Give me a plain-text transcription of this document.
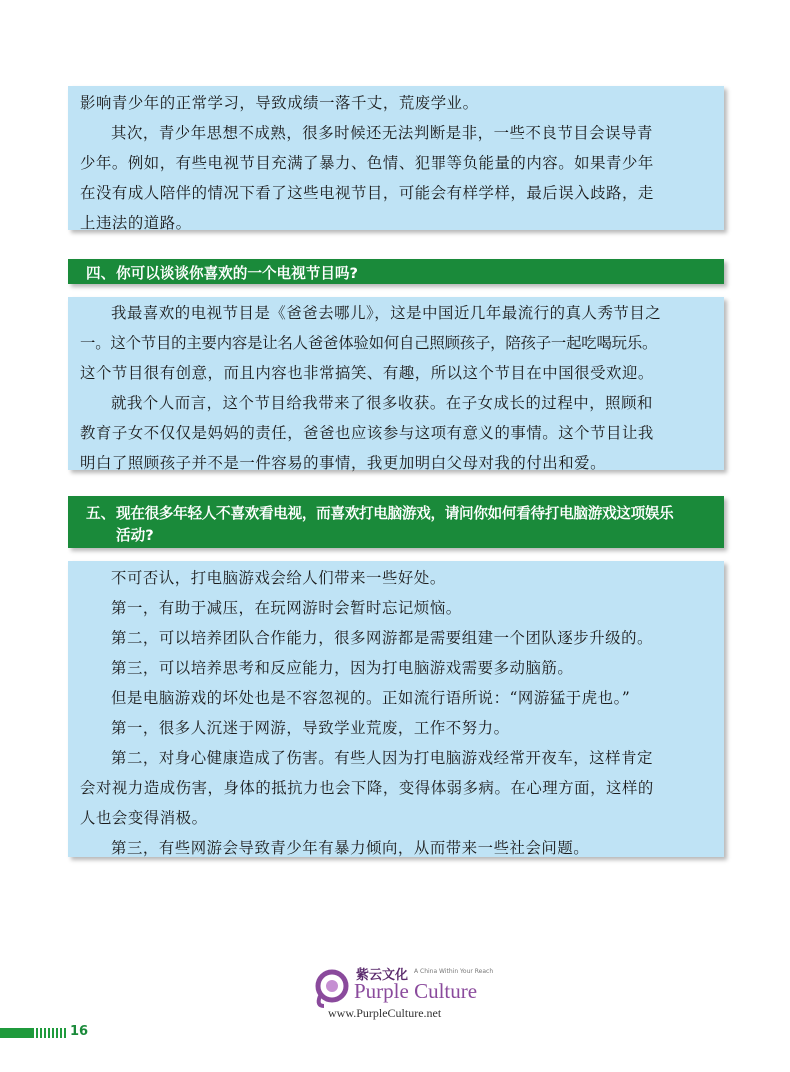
影响青少年的正常学习，导致成绩一落千丈，荒废学业。

其次，青少年思想不成熟，很多时候还无法判断是非，一些不良节目会误导青

少年。例如，有些电视节目充满了暴力、色情、犯罪等负能量的内容。如果青少年

在没有成人陪伴的情况下看了这些电视节目，可能会有样学样，最后误入歧路，走

上违法的道路。

四、 你可以谈谈你喜欢的一个电视节目吗?

我最喜欢的电视节目是《爸爸去哪儿》，这是中国近几年最流行的真人秀节目之

一。这个节目的主要内容是让名人爸爸体验如何自己照顾孩子，陪孩子一起吃喝玩乐。

这个节目很有创意，而且内容也非常搞笑、有趣，所以这个节目在中国很受欢迎。

就我个人而言，这个节目给我带来了很多收获。在子女成长的过程中，照顾和

教育子女不仅仅是妈妈的责任，爸爸也应该参与这项有意义的事情。这个节目让我

明白了照顾孩子并不是一件容易的事情，我更加明白父母对我的付出和爱。

五、 现在很多年轻人不喜欢看电视，而喜欢打电脑游戏，请问你如何看待打电脑游戏这项娱乐
活动?

不可否认，打电脑游戏会给人们带来一些好处。

第一，有助于减压，在玩网游时会暂时忘记烦恼。

第二，可以培养团队合作能力，很多网游都是需要组建一个团队逐步升级的。

第三，可以培养思考和反应能力，因为打电脑游戏需要多动脑筋。

但是电脑游戏的坏处也是不容忽视的。正如流行语所说：“网游猛于虎也。”

第一，很多人沉迷于网游，导致学业荒废，工作不努力。

第二，对身心健康造成了伤害。有些人因为打电脑游戏经常开夜车，这样肯定

会对视力造成伤害，身体的抵抗力也会下降，变得体弱多病。在心理方面，这样的

人也会变得消极。

第三，有些网游会导致青少年有暴力倾向，从而带来一些社会问题。

紫云文化 A China Within Your Reach
Purple Culture
www.PurpleCulture.net
16
